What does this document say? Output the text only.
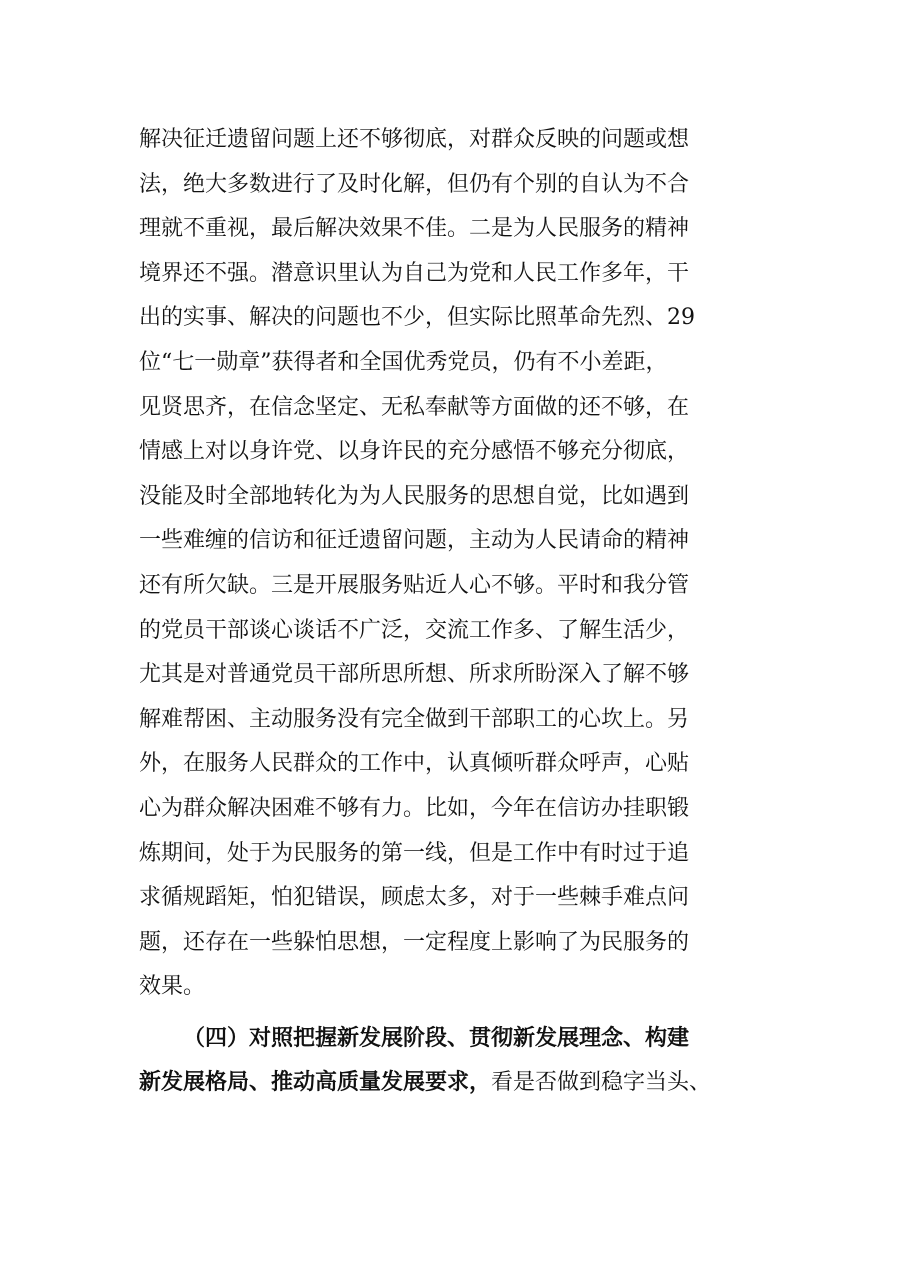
解决征迁遗留问题上还不够彻底，对群众反映的问题或想
法，绝大多数进行了及时化解，但仍有个别的自认为不合
理就不重视，最后解决效果不佳。二是为人民服务的精神
境界还不强。潜意识里认为自己为党和人民工作多年，干
出的实事、解决的问题也不少，但实际比照革命先烈、29
位“七一勋章”获得者和全国优秀党员，仍有不小差距，
见贤思齐，在信念坚定、无私奉献等方面做的还不够，在
情感上对以身许党、以身许民的充分感悟不够充分彻底，
没能及时全部地转化为为人民服务的思想自觉，比如遇到
一些难缠的信访和征迁遗留问题，主动为人民请命的精神
还有所欠缺。三是开展服务贴近人心不够。平时和我分管
的党员干部谈心谈话不广泛，交流工作多、了解生活少，
尤其是对普通党员干部所思所想、所求所盼深入了解不够
解难帮困、主动服务没有完全做到干部职工的心坎上。另
外，在服务人民群众的工作中，认真倾听群众呼声，心贴
心为群众解决困难不够有力。比如，今年在信访办挂职锻
炼期间，处于为民服务的第一线，但是工作中有时过于追
求循规蹈矩，怕犯错误，顾虑太多，对于一些棘手难点问
题，还存在一些躲怕思想，一定程度上影响了为民服务的
效果。
（四）对照把握新发展阶段、贯彻新发展理念、构建
新发展格局、推动高质量发展要求，看是否做到稳字当头、
